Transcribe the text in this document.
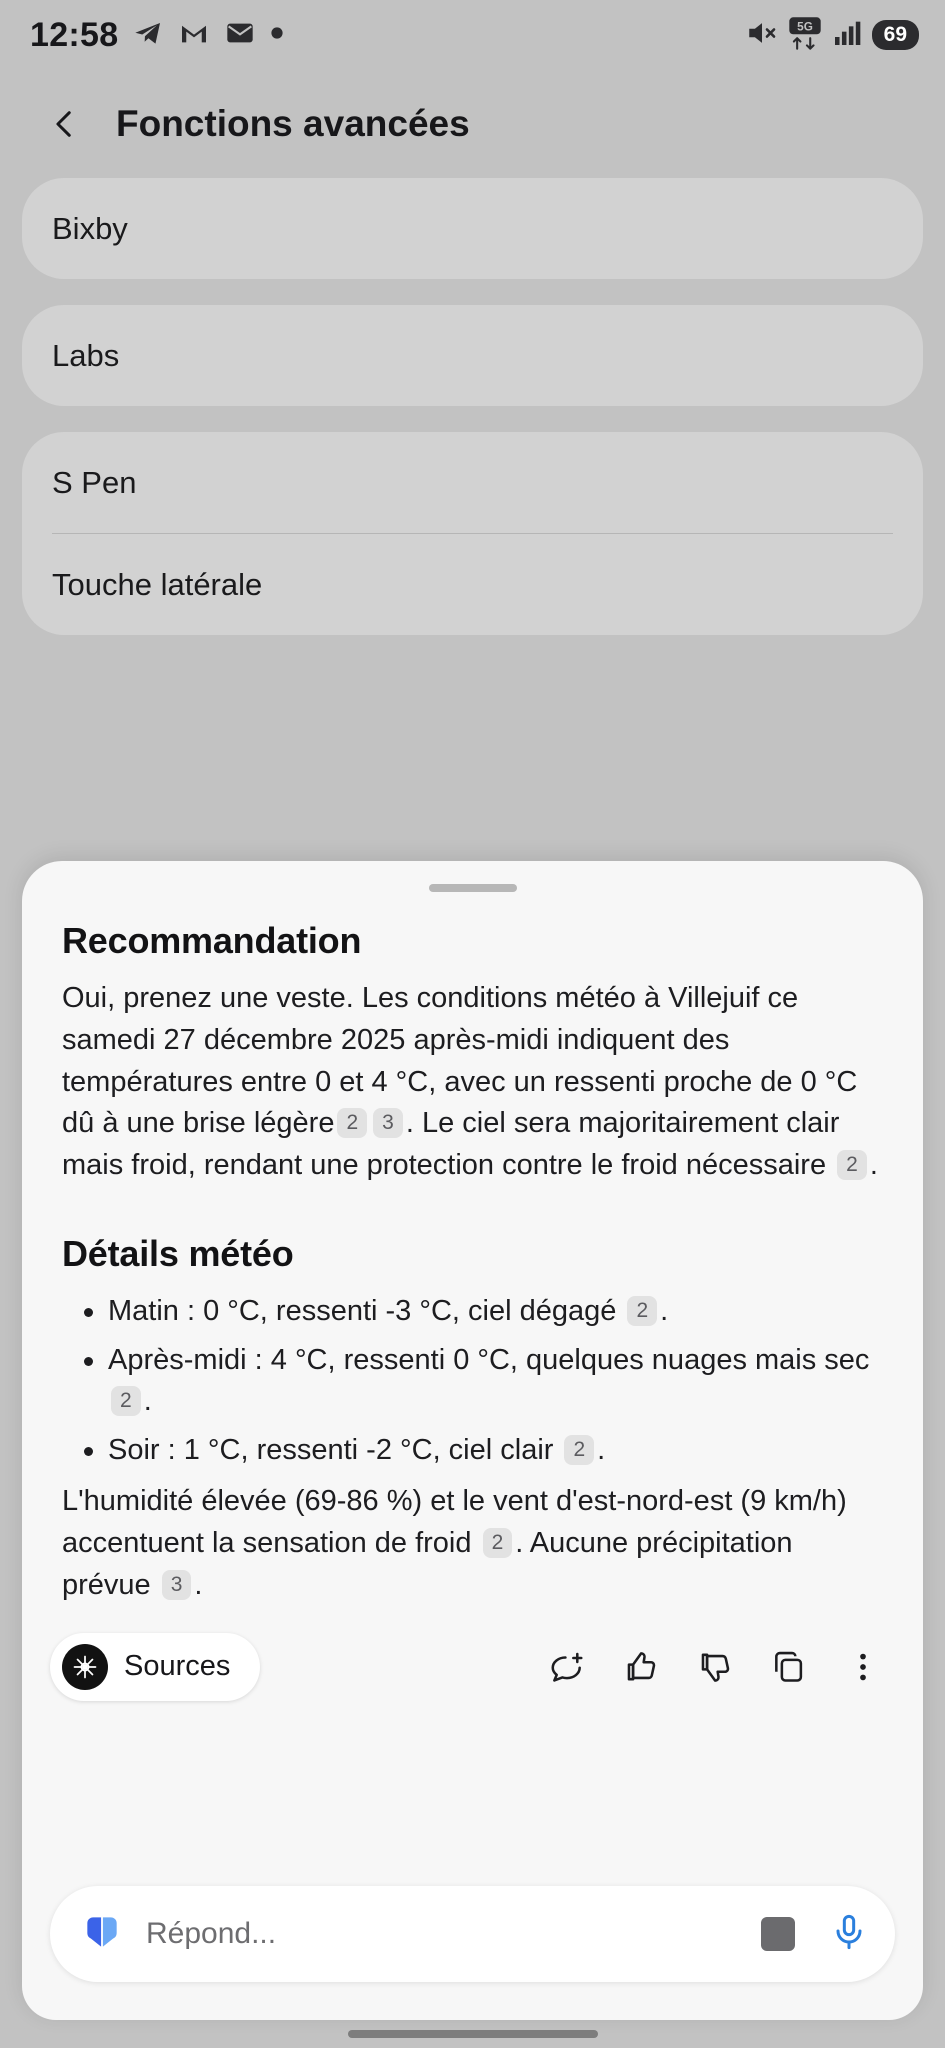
12:58	5G	69
Fonctions avancées
Bixby
Labs
S Pen
Touche latérale
Recommandation

Oui, prenez une veste. Les conditions météo à Villejuif ce samedi 27 décembre 2025 après-midi indiquent des températures entre 0 et 4 °C, avec un ressenti proche de 0 °C dû à une brise légère 2 3 . Le ciel sera majoritairement clair mais froid, rendant une protection contre le froid nécessaire 2 .

Détails météo
Matin : 0 °C, ressenti -3 °C, ciel dégagé 2 .
Après-midi : 4 °C, ressenti 0 °C, quelques nuages mais sec 2 .
Soir : 1 °C, ressenti -2 °C, ciel clair 2 .

L'humidité élevée (69-86 %) et le vent d'est-nord-est (9 km/h) accentuent la sensation de froid 2 . Aucune précipitation prévue 3 .

Sources
Répond...
